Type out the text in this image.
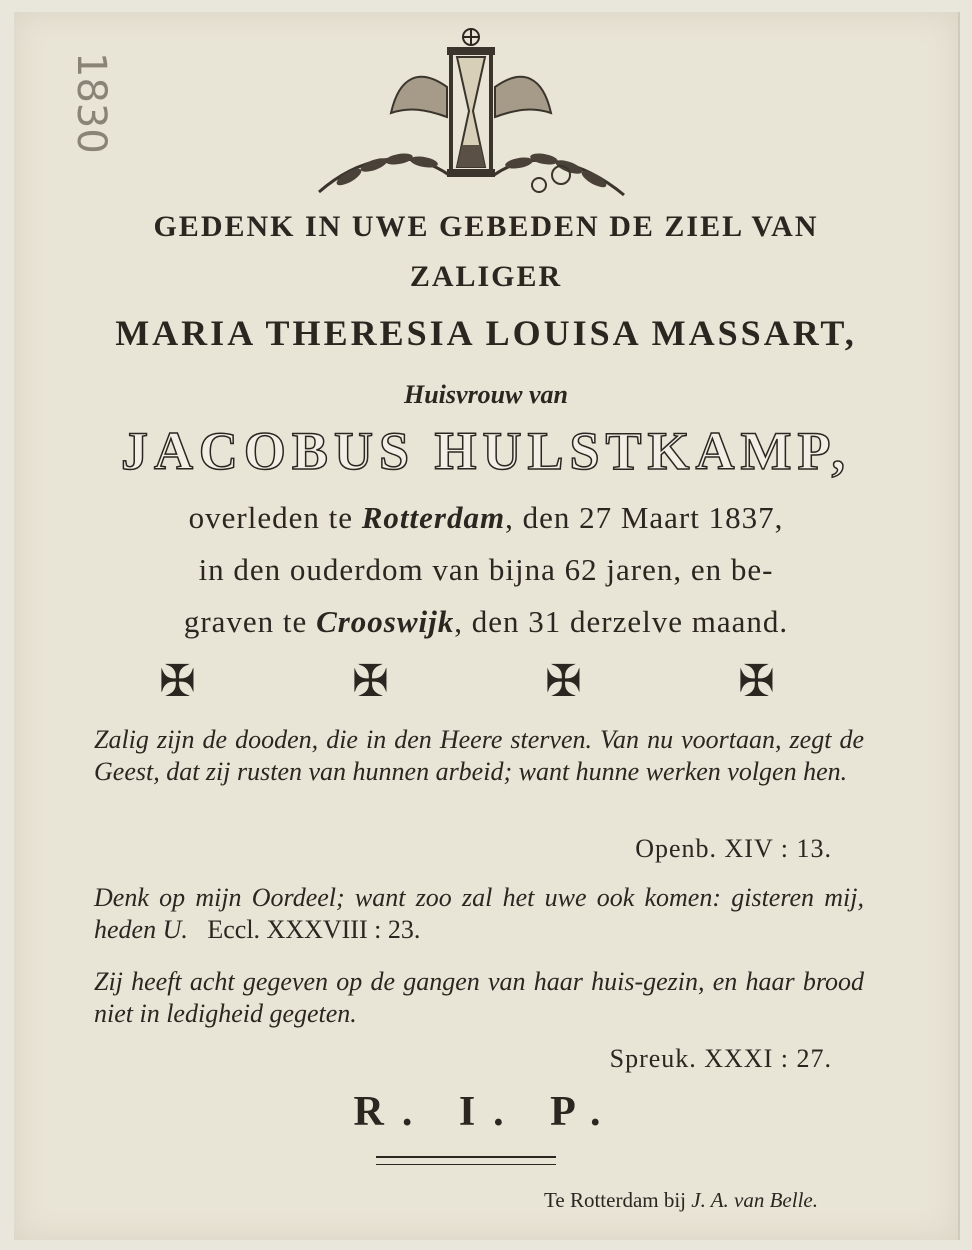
1830
GEDENK IN UWE GEBEDEN DE ZIEL VAN
ZALIGER
MARIA THERESIA LOUISA MASSART,
Huisvrouw van
JACOBUS HULSTKAMP,
overleden te Rotterdam, den 27 Maart 1837,
in den ouderdom van bijna 62 jaren, en be-
graven te Crooswijk, den 31 derzelve maand.
✠	✠	✠	✠
Zalig zijn de dooden, die in den Heere sterven. Van nu voortaan, zegt de Geest, dat zij rusten van hunnen arbeid; want hunne werken volgen hen.
Openb. XIV : 13.
Denk op mijn Oordeel; want zoo zal het uwe ook komen: gisteren mij, heden U. Eccl. XXXVIII : 23.
Zij heeft acht gegeven op de gangen van haar huis-gezin, en haar brood niet in ledigheid gegeten.
Spreuk. XXXI : 27.
R. I. P.
Te Rotterdam bij J. A. van Belle.
